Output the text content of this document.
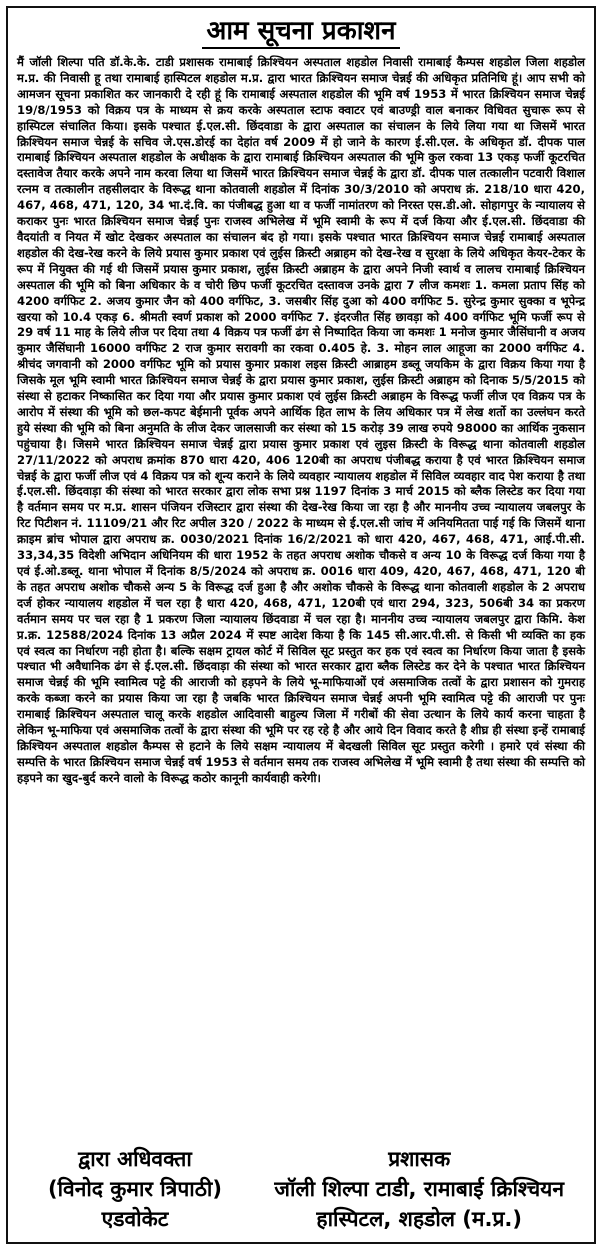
आम सूचना प्रकाशन

मैं जॉली शिल्पा पति डॉ.के.के. टाडी प्रशासक रामाबाई क्रिश्चियन अस्पताल शहडोल निवासी रामाबाई कैम्पस शहडोल जिला शहडोल म.प्र. की निवासी हू तथा रामाबाई हास्पिटल शहडोल म.प्र. द्वारा भारत क्रिश्चियन समाज चेन्नई की अधिकृत प्रतिनिधि हूं। आप सभी को आमजन सूचना प्रकाशित कर जानकारी दे रही हूं कि रामाबाई अस्पताल शहडोल की भूमि वर्ष 1953 में भारत क्रिश्चियन समाज चेन्नई 19/8/1953 को विक्रय पत्र के माध्यम से क्रय करके अस्पताल स्टाफ क्वाटर एवं बाउण्ड्री वाल बनाकर विधिवत सुचारू रूप से हास्पिटल संचालित किया। इसके पश्चात ई.एल.सी. छिंदवाडा के द्वारा अस्पताल का संचालन के लिये लिया गया था जिसमें भारत क्रिश्चियन समाज चेन्नई के सचिव जे.एस.डोरई का देहांत वर्ष 2009 में हो जाने के कारण ई.सी.एल. के अधिकृत डॉ. दीपक पाल रामाबाई क्रिश्चियन अस्पताल शहडोल के अधीक्षक के द्वारा रामाबाई क्रिश्चियन अस्पताल की भूमि कुल रकवा 13 एकड़ फर्जी कूटरचित दस्तावेज तैयार करके अपने नाम करवा लिया था जिसमें भारत क्रिश्चियन समाज चेन्नई के द्वारा डॉ. दीपक पाल तत्कालीन पटवारी विशाल रत्नम व तत्कालीन तहसीलदार के विरूद्ध थाना कोतवाली शहडोल में दिनांक 30/3/2010 को अपराध क्रं. 218/10 धारा 420, 467, 468, 471, 120, 34 भा.दं.वि. का पंजीबद्ध हुआ था व फर्जी नामांतरण को निरस्त एस.डी.ओ. सोहागपुर के न्यायालय से कराकर पुनः भारत क्रिश्चियन समाज चेन्नई पुनः राजस्व अभिलेख में भूमि स्वामी के रूप में दर्ज किया और ई.एल.सी. छिंदवाडा की वैदयांती व नियत में खोट देखकर अस्पताल का संचालन बंद हो गया। इसके पश्चात भारत क्रिश्चियन समाज चेन्नई रामाबाई अस्पताल शहडोल की देख-रेख करने के लिये प्रयास कुमार प्रकाश एवं लुईस क्रिस्टी अब्राहम को देख-रेख व सुरक्षा के लिये अधिकृत केयर-टेकर के रूप में नियुक्त की गई थी जिसमें प्रयास कुमार प्रकाश, लुईस क्रिस्टी अब्राहम के द्वारा अपने निजी स्वार्थ व लालच रामाबाई क्रिश्चियन अस्पताल की भूमि को बिना अधिकार के व चोरी छिप फर्जी कूटरचित दस्तावज उनके द्वारा 7 लीज कमशः 1. कमला प्रताप सिंह को 4200 वर्गफिट 2. अजय कुमार जैन को 400 वर्गफिट, 3. जसबीर सिंह दुआ को 400 वर्गफिट 5. सुरेन्द्र कुमार सुक्का व भूपेन्द्र खरया को 10.4 एकड़ 6. श्रीमती स्वर्ण प्रकाश को 2000 वर्गफिट 7. इंदरजीत सिंह छावड़ा को 400 वर्गफिट भूमि फर्जी रूप से 29 वर्ष 11 माह के लिये लीज पर दिया तथा 4 विक्रय पत्र फर्जी ढंग से निष्पादित किया जा कमशः 1 मनोज कुमार जैसिंघानी व अजय कुमार जैसिंघानी 16000 वर्गफिट 2 राज कुमार सरावगी का रकवा 0.405 हे. 3. मोहन लाल आहूजा का 2000 वर्गफिट 4. श्रीचंद जगवानी को 2000 वर्गफिट भूमि को प्रयास कुमार प्रकाश लइस क्रिस्टी आब्राहम डब्लू जयकिम के द्वारा विक्रय किया गया है जिसके मूल भूमि स्वामी भारत क्रिश्चियन समाज चेन्नई के द्वारा प्रयास कुमार प्रकाश, लुईस क्रिस्टी अब्राहम को दिनाक 5/5/2015 को संस्था से हटाकर निष्कासित कर दिया गया और प्रयास कुमार प्रकाश एवं लुईस क्रिस्टी अब्राहम के विरूद्ध फर्जी लीज एव विक्रय पत्र के आरोप में संस्था की भूमि को छल-कपट बेईमानी पूर्वक अपने आर्थिक हित लाभ के लिय अधिकार पत्र में लेख शर्तो का उल्लंघन करते हुये संस्था की भूमि को बिना अनुमति के लीज देकर जालसाजी कर संस्था को 15 करोड़ 39 लाख रुपये 98000 का आर्थिक नुकसान पहुंचाया है। जिसमे भारत क्रिश्चियन समाज चेन्नई द्वारा प्रयास कुमार प्रकाश एवं लुइस क्रिस्टी के विरूद्ध थाना कोतवाली शहडोल 27/11/2022 को अपराध क्रमांक 870 धारा 420, 406 120बी का अपराध पंजीबद्ध कराया है एवं भारत क्रिश्चियन समाज चेन्नई के द्वारा फर्जी लीज एवं 4 विक्रय पत्र को शून्य कराने के लिये व्यवहार न्यायालय शहडोल में सिविल व्यवहार वाद पेश कराया है तथा ई.एल.सी. छिंदवाड़ा की संस्था को भारत सरकार द्वारा लोक सभा प्रश्न 1197 दिनांक 3 मार्च 2015 को ब्लैक लिस्टेड कर दिया गया है वर्तमान समय पर म.प्र. शासन पंजियन रजिस्टार द्वारा संस्था की देख-रेख किया जा रहा है और माननीय उच्च न्यायालय जबलपुर के रिट पिटीशन नं. 11109/21 और रिट अपील 320 / 2022 के माध्यम से ई.एल.सी जांच में अनियमितता पाई गई कि जिसमें थाना क्राइम ब्रांच भोपाल द्वारा अपराध क्र. 0030/2021 दिनांक 16/2/2021 को धारा 420, 467, 468, 471, आई.पी.सी. 33,34,35 विदेशी अभिदान अधिनियम की धारा 1952 के तहत अपराध अशोक चौकसे व अन्य 10 के विरूद्ध दर्ज किया गया है एवं ई.ओ.डब्लू. थाना भोपाल में दिनांक 8/5/2024 को अपराध क्र. 0016 धारा 409, 420, 467, 468, 471, 120 बी के तहत अपराध अशोक चौकसे अन्य 5 के विरूद्ध दर्ज हुआ है और अशोक चौकसे के विरूद्ध थाना कोतवाली शहडोल के 2 अपराध दर्ज होकर न्यायालय शहडोल में चल रहा है धारा 420, 468, 471, 120बी एवं धारा 294, 323, 506बी 34 का प्रकरण वर्तमान समय पर चल रहा है 1 प्रकरण जिला न्यायालय छिंदवाडा में चल रहा है। माननीय उच्च न्यायालय जबलपुर द्वारा किमि. केश प्र.क्र. 12588/2024 दिनांक 13 अप्रैल 2024 में स्पष्ट आदेश किया है कि 145 सी.आर.पी.सी. से किसी भी व्यक्ति का हक एवं स्वत्व का निर्धारण नही होता है। बल्कि सक्षम ट्रायल कोर्ट में सिविल सूट प्रस्तुत कर हक एवं स्वत्व का निर्धारण किया जाता है इसके पश्चात भी अवैधानिक ढंग से ई.एल.सी. छिंदवाड़ा की संस्था को भारत सरकार द्वारा ब्लैक लिस्टेड कर देने के पश्चात भारत क्रिश्चियन समाज चेन्नई की भूमि स्वामित्व पट्टे की आराजी को हड़पने के लिये भू-माफियाओं एवं असमाजिक तत्वों के द्वारा प्रशासन को गुमराह करके कब्जा करने का प्रयास किया जा रहा है जबकि भारत क्रिश्चियन समाज चेन्नई अपनी भूमि स्वामित्व पट्टे की आराजी पर पुनः रामाबाई क्रिश्चियन अस्पताल चालू करके शहडोल आदिवासी बाहुल्य जिला में गरीबों की सेवा उत्थान के लिये कार्य करना चाहता है लेकिन भू-माफिया एवं असमाजिक तत्वों के द्वारा संस्था की भूमि पर रह रहे है और आये दिन विवाद करते है शीघ्र ही संस्था इन्हें रामाबाई क्रिश्चियन अस्पताल शहडोल कैम्पस से हटाने के लिये सक्षम न्यायालय में बेदखली सिविल सूट प्रस्तुत करेगी । हमारे एवं संस्था की सम्पत्ति के भारत क्रिश्चियन समाज चेन्नई वर्ष 1953 से वर्तमान समय तक राजस्व अभिलेख में भूमि स्वामी है तथा संस्था की सम्पत्ति को हड़पने का खुद-बुर्द करने वालो के विरूद्ध कठोर कानूनी कार्यवाही करेगी।

द्वारा अधिवक्ता
(विनोद कुमार त्रिपाठी)
एडवोकेट
प्रशासक
जॉली शिल्पा टाडी, रामाबाई क्रिश्चियन
हास्पिटल, शहडोल (म.प्र.)
